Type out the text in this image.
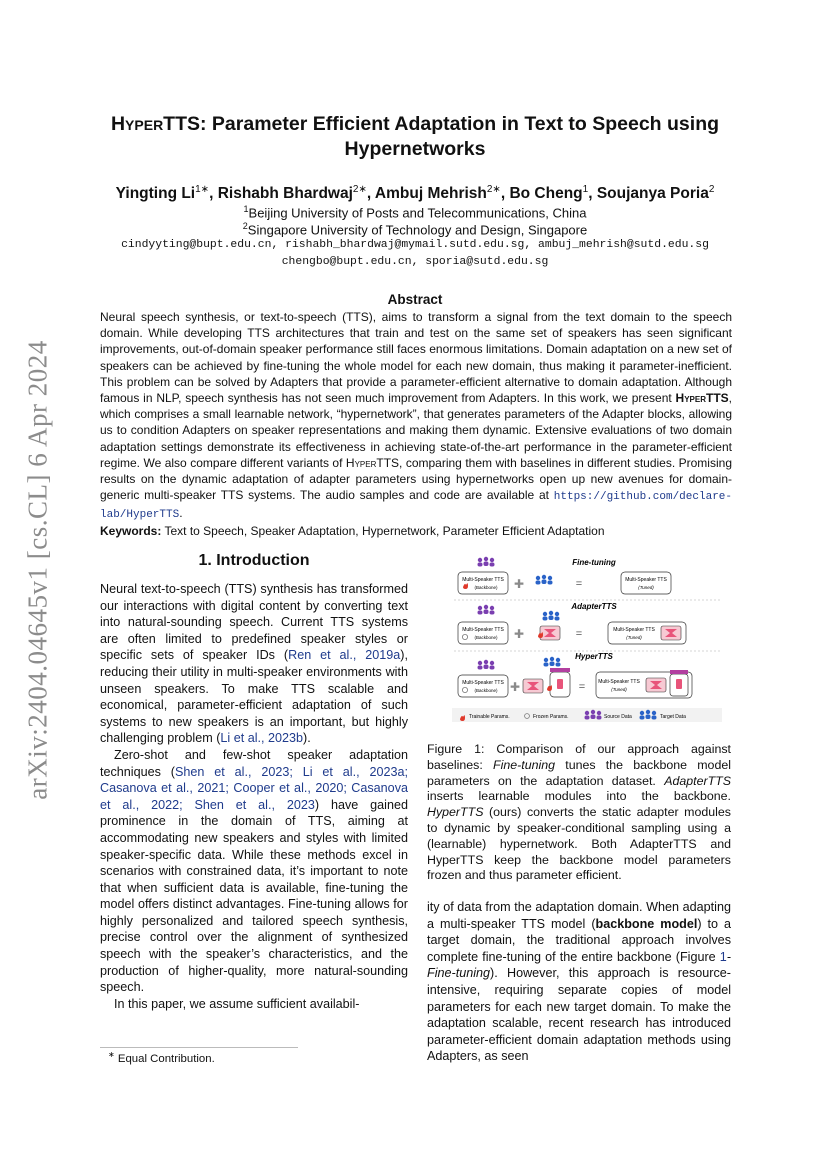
arXiv:2404.04645v1 [cs.CL] 6 Apr 2024
HyperTTS: Parameter Efficient Adaptation in Text to Speech using
Hypernetworks
Yingting $Li^{1∗}$, Rishabh Bhardwaj$^{2∗}$, Ambuj Mehrish$^{2∗}$, Bo Cheng$^1$, Soujanya Poria$^2$
$^1$Beijing University of Posts and Telecommunications, China
$^2$Singapore University of Technology and Design, Singapore
cindyyting@bupt.edu.cn, rishabh_bhardwaj@mymail.sutd.edu.sg, ambuj_mehrish@sutd.edu.sg
chengbo@bupt.edu.cn, sporia@sutd.edu.sg
Abstract
Neural speech synthesis, or text-to-speech (TTS), aims to transform a signal from the text domain to the speech domain. While developing TTS architectures that train and test on the same set of speakers has seen significant improvements, out-of-domain speaker performance still faces enormous limitations. Domain adaptation on a new set of speakers can be achieved by fine-tuning the whole model for each new domain, thus making it parameter-inefficient. This problem can be solved by Adapters that provide a parameter-efficient alternative to domain adaptation. Although famous in NLP, speech synthesis has not seen much improvement from Adapters. In this work, we present HyperTTS, which comprises a small learnable network, “hypernetwork”, that generates parameters of the Adapter blocks, allowing us to condition Adapters on speaker representations and making them dynamic. Extensive evaluations of two domain adaptation settings demonstrate its effectiveness in achieving state-of-the-art performance in the parameter-efficient regime. We also compare different variants of HyperTTS, comparing them with baselines in different studies. Promising results on the dynamic adaptation of adapter parameters using hypernetworks open up new avenues for domain-generic multi-speaker TTS systems. The audio samples and code are available at https://github.com/declare-lab/HyperTTS.
Keywords: Text to Speech, Speaker Adaptation, Hypernetwork, Parameter Efficient Adaptation
1. Introduction

Neural text-to-speech (TTS) synthesis has transformed our interactions with digital content by converting text into natural-sounding speech. Current TTS systems are often limited to predefined speaker styles or specific sets of speaker IDs (Ren et al., 2019a), reducing their utility in multi-speaker environments with unseen speakers. To make TTS scalable and economical, parameter-efficient adaptation of such systems to new speakers is an important, but highly challenging problem (Li et al., 2023b).

Zero-shot and few-shot speaker adaptation techniques (Shen et al., 2023; Li et al., 2023a; Casanova et al., 2021; Cooper et al., 2020; Casanova et al., 2022; Shen et al., 2023) have gained prominence in the domain of TTS, aiming at accommodating new speakers and styles with limited speaker-specific data. While these methods excel in scenarios with constrained data, it’s important to note that when sufficient data is available, fine-tuning the model offers distinct advantages. Fine-tuning allows for highly personalized and tailored speech synthesis, precise control over the alignment of synthesized speech with the speaker’s characteristics, and the production of higher-quality, more natural-sounding speech.

In this paper, we assume sufficient availabil-

Fine-tuning
Multi-Speaker TTS
(Backbone) ✚	=	Multi-Speaker TTS
(Tuned)
AdapterTTS
Multi-Speaker TTS
(Backbone) ✚	=	Multi-Speaker TTS
(Tuned)
HyperTTS
Multi-Speaker TTS
(Backbone) ✚	=	Multi-Speaker TTS
(Tuned)
Trainable Params.	Frozen Params.	Source Data	Target Data
Figure 1: Comparison of our approach against baselines: Fine-tuning tunes the backbone model parameters on the adaptation dataset. AdapterTTS inserts learnable modules into the backbone. HyperTTS (ours) converts the static adapter modules to dynamic by speaker-conditional sampling using a (learnable) hypernetwork. Both AdapterTTS and HyperTTS keep the backbone model parameters frozen and thus parameter efficient.

ity of data from the adaptation domain. When adapting a multi-speaker TTS model (backbone model) to a target domain, the traditional approach involves complete fine-tuning of the entire backbone (Figure 1-Fine-tuning). However, this approach is resource-intensive, requiring separate copies of model parameters for each new target domain. To make the adaptation scalable, recent research has introduced parameter-efficient domain adaptation methods using Adapters, as seen

∗ Equal Contribution.
